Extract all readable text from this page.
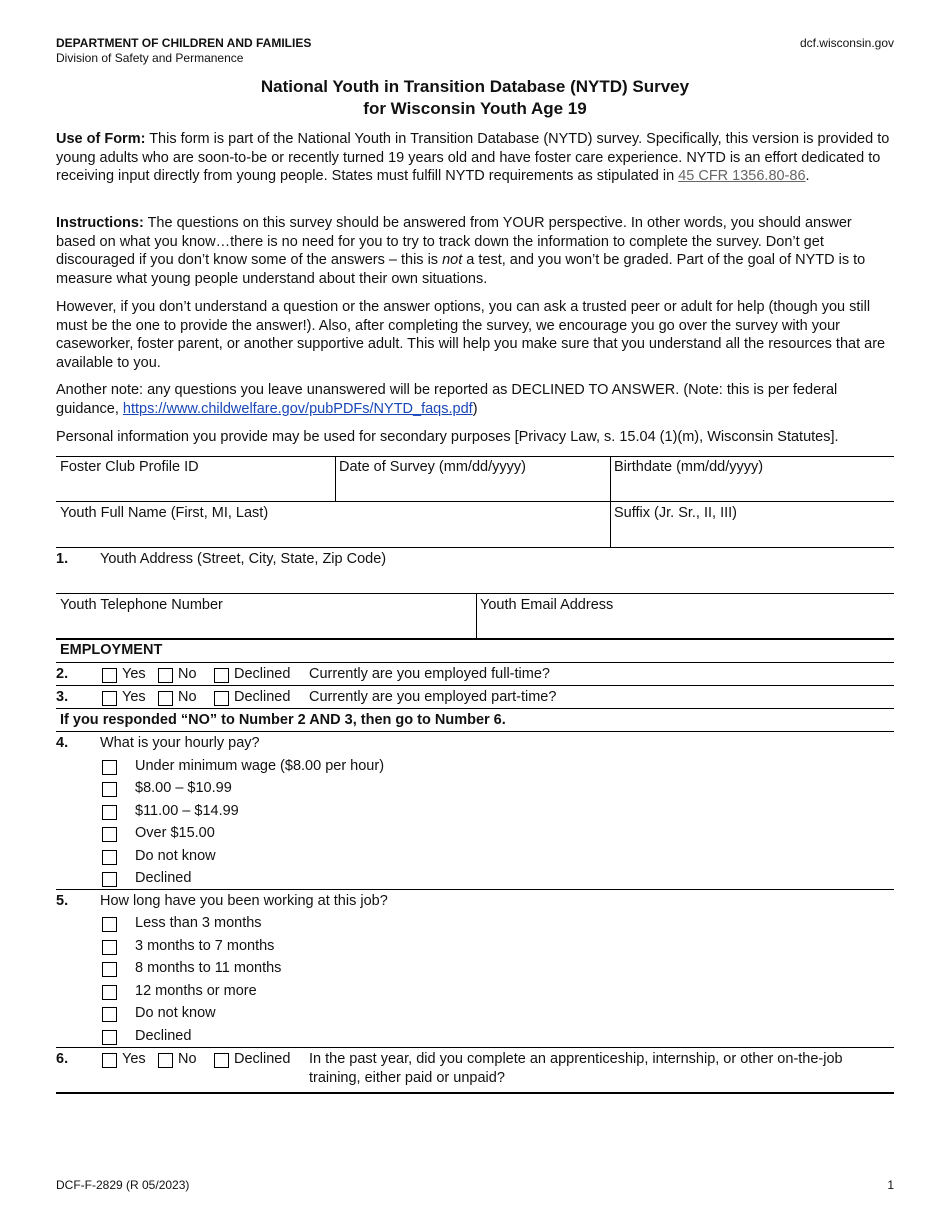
DEPARTMENT OF CHILDREN AND FAMILIES
Division of Safety and Permanence
dcf.wisconsin.gov
National Youth in Transition Database (NYTD) Survey
for Wisconsin Youth Age 19
Use of Form: This form is part of the National Youth in Transition Database (NYTD) survey. Specifically, this version is provided to young adults who are soon-to-be or recently turned 19 years old and have foster care experience. NYTD is an effort dedicated to receiving input directly from young people. States must fulfill NYTD requirements as stipulated in 45 CFR 1356.80-86.
Instructions: The questions on this survey should be answered from YOUR perspective. In other words, you should answer based on what you know…there is no need for you to try to track down the information to complete the survey. Don’t get discouraged if you don’t know some of the answers – this is not a test, and you won’t be graded. Part of the goal of NYTD is to measure what young people understand about their own situations.
However, if you don’t understand a question or the answer options, you can ask a trusted peer or adult for help (though you still must be the one to provide the answer!). Also, after completing the survey, we encourage you go over the survey with your caseworker, foster parent, or another supportive adult. This will help you make sure that you understand all the resources that are available to you.
Another note: any questions you leave unanswered will be reported as DECLINED TO ANSWER. (Note: this is per federal guidance, https://www.childwelfare.gov/pubPDFs/NYTD_faqs.pdf)
Personal information you provide may be used for secondary purposes [Privacy Law, s. 15.04 (1)(m), Wisconsin Statutes].
Foster Club Profile ID	Date of Survey (mm/dd/yyyy)	Birthdate (mm/dd/yyyy)
Youth Full Name (First, MI, Last)	Suffix (Jr. Sr., II, III)
1. Youth Address (Street, City, State, Zip Code)
Youth Telephone Number	Youth Email Address
EMPLOYMENT
2.	Yes No	Declined Currently are you employed full-time?
3.	Yes No	Declined Currently are you employed part-time?
If you responded “NO” to Number 2 AND 3, then go to Number 6.
4. What is your hourly pay?
Under minimum wage ($8.00 per hour)
$8.00 – $10.99
$11.00 – $14.99
Over $15.00
Do not know
Declined
5. How long have you been working at this job?
Less than 3 months
3 months to 7 months
8 months to 11 months
12 months or more
Do not know
Declined
6.	Yes No	Declined In the past year, did you complete an apprenticeship, internship, or other on-the-job
training, either paid or unpaid?
DCF-F-2829 (R 05/2023)	1
